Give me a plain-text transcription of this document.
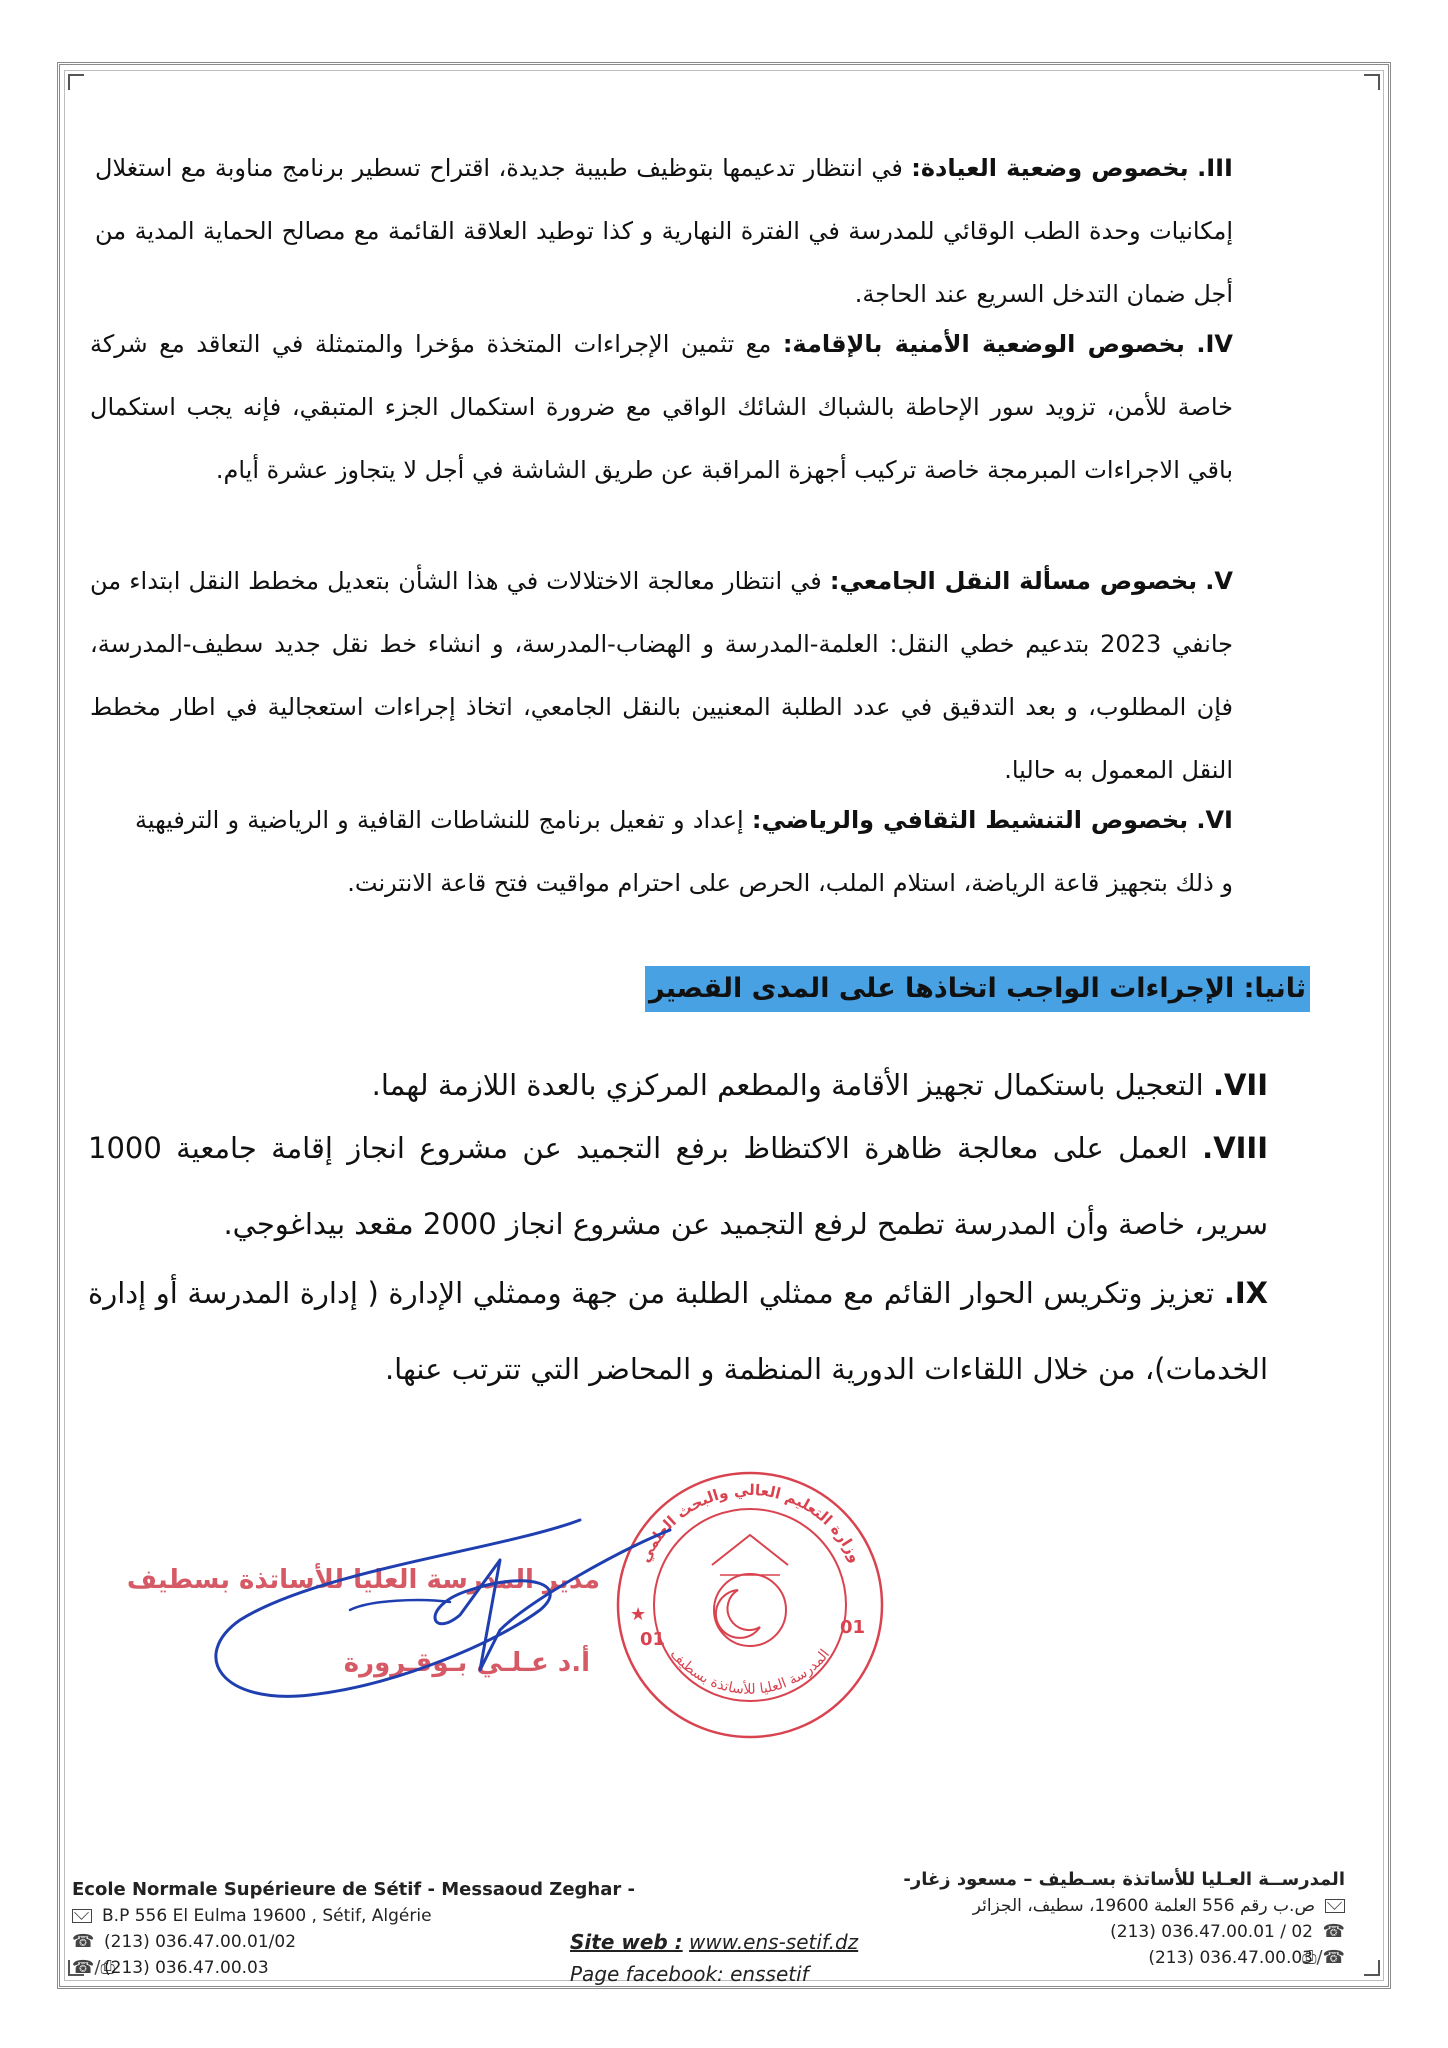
III. بخصوص وضعية العيادة: في انتظار تدعيمها بتوظيف طبيبة جديدة، اقتراح تسطير برنامج مناوبة مع استغلال إمكانيات وحدة الطب الوقائي للمدرسة في الفترة النهارية و كذا توطيد العلاقة القائمة مع مصالح الحماية المدية من أجل ضمان التدخل السريع عند الحاجة.

IV. بخصوص الوضعية الأمنية بالإقامة: مع تثمين الإجراءات المتخذة مؤخرا والمتمثلة في التعاقد مع شركة خاصة للأمن، تزويد سور الإحاطة بالشباك الشائك الواقي مع ضرورة استكمال الجزء المتبقي، فإنه يجب استكمال باقي الاجراءات المبرمجة خاصة تركيب أجهزة المراقبة عن طريق الشاشة في أجل لا يتجاوز عشرة أيام.

V. بخصوص مسألة النقل الجامعي: في انتظار معالجة الاختلالات في هذا الشأن بتعديل مخطط النقل ابتداء من جانفي 2023 بتدعيم خطي النقل: العلمة-المدرسة و الهضاب-المدرسة، و انشاء خط نقل جديد سطيف-المدرسة، فإن المطلوب، و بعد التدقيق في عدد الطلبة المعنيين بالنقل الجامعي، اتخاذ إجراءات استعجالية في اطار مخطط النقل المعمول به حاليا.

VI. بخصوص التنشيط الثقافي والرياضي: إعداد و تفعيل برنامج للنشاطات القافية و الرياضية و الترفيهية و ذلك بتجهيز قاعة الرياضة، استلام الملب، الحرص على احترام مواقيت فتح قاعة الانترنت.

ثانيا: الإجراءات الواجب اتخاذها على المدى القصير

VII. التعجيل باستكمال تجهيز الأقامة والمطعم المركزي بالعدة اللازمة لهما.

VIII. العمل على معالجة ظاهرة الاكتظاظ برفع التجميد عن مشروع انجاز إقامة جامعية 1000 سرير، خاصة وأن المدرسة تطمح لرفع التجميد عن مشروع انجاز 2000 مقعد بيداغوجي.

IX. تعزيز وتكريس الحوار القائم مع ممثلي الطلبة من جهة وممثلي الإدارة ( إدارة المدرسة أو إدارة الخدمات)، من خلال اللقاءات الدورية المنظمة و المحاضر التي تترتب عنها.

وزارة التعليم العالي والبحث العلمي
المدرسة العليا للأساتذة بسطيف
01
01
★
مدير المدرسة العليا للأساتذة بسطيف
أ.د عـلـي بـوقـرورة
Ecole Normale Supérieure de Sétif - Messaoud Zeghar -
B.P 556 El Eulma 19600 , Sétif, Algérie
☎ (213) 036.47.00.01/02
☎/⎙
(213) 036.47.00.03
Site web : www.ens-setif.dz
Page facebook: enssetif
المدرســة العـليا للأساتذة بسـطيف – مسعود زغار-
ص.ب رقم 556 العلمة 19600، سطيف، الجزائر
☎
(213) 036.47.00.01 / 02
☎/⎙
(213) 036.47.00.03
